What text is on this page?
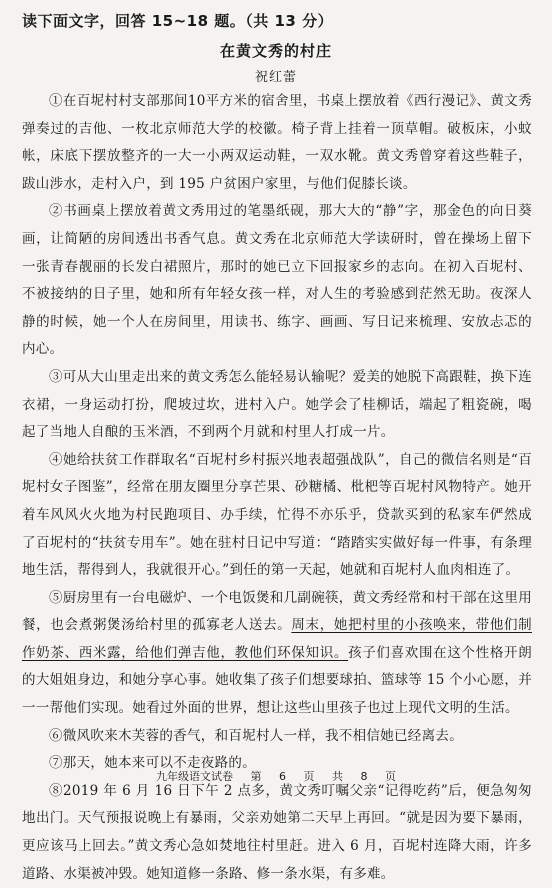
读下面文字，回答 15~18 题。（共 13 分）
在黄文秀的村庄
祝红蕾

①在百坭村村支部那间10平方米的宿舍里，书桌上摆放着《西行漫记》、黄文秀弹奏过的吉他、一枚北京师范大学的校徽。椅子背上挂着一顶草帽。破板床，小蚊帐，床底下摆放整齐的一大一小两双运动鞋，一双水靴。黄文秀曾穿着这些鞋子，跋山涉水，走村入户，到 195 户贫困户家里，与他们促膝长谈。

②书画桌上摆放着黄文秀用过的笔墨纸砚，那大大的“静”字，那金色的向日葵画，让简陋的房间透出书香气息。黄文秀在北京师范大学读研时，曾在操场上留下一张青春靓丽的长发白裙照片，那时的她已立下回报家乡的志向。在初入百坭村、不被接纳的日子里，她和所有年轻女孩一样，对人生的考验感到茫然无助。夜深人静的时候，她一个人在房间里，用读书、练字、画画、写日记来梳理、安放忐忑的内心。

③可从大山里走出来的黄文秀怎么能轻易认输呢？爱美的她脱下高跟鞋，换下连衣裙，一身运动打扮，爬坡过坎，进村入户。她学会了桂柳话，端起了粗瓷碗，喝起了当地人自酿的玉米酒，不到两个月就和村里人打成一片。

④她给扶贫工作群取名“百坭村乡村振兴地表超强战队”，自己的微信名则是“百坭村女子图鉴”，经常在朋友圈里分享芒果、砂糖橘、枇杷等百坭村风物特产。她开着车风风火火地为村民跑项目、办手续，忙得不亦乐乎，贷款买到的私家车俨然成了百坭村的“扶贫专用车”。她在驻村日记中写道：“踏踏实实做好每一件事，有条理地生活，帮得到人，我就很开心。”到任的第一天起，她就和百坭村人血肉相连了。

⑤厨房里有一台电磁炉、一个电饭煲和几副碗筷，黄文秀经常和村干部在这里用餐，也会煮粥煲汤给村里的孤寡老人送去。周末，她把村里的小孩唤来，带他们制作奶茶、西米露，给他们弹吉他，教他们环保知识。孩子们喜欢围在这个性格开朗的大姐姐身边，和她分享心事。她收集了孩子们想要球拍、篮球等 15 个小心愿，并一一帮他们实现。她看过外面的世界，想让这些山里孩子也过上现代文明的生活。

⑥微风吹来木芙蓉的香气，和百坭村人一样，我不相信她已经离去。

⑦那天，她本来可以不走夜路的。

⑧2019 年 6 月 16 日下午 2 点多，黄文秀叮嘱父亲“记得吃药”后，便急匆匆地出门。天气预报说晚上有暴雨，父亲劝她第二天早上再回。“就是因为要下暴雨，更应该马上回去。”黄文秀心急如焚地往村里赶。进入 6 月，百坭村连降大雨，许多道路、水渠被冲毁。她知道修一条路、修一条水渠，有多难。

九年级语文试卷 第 6 页 共 8 页
